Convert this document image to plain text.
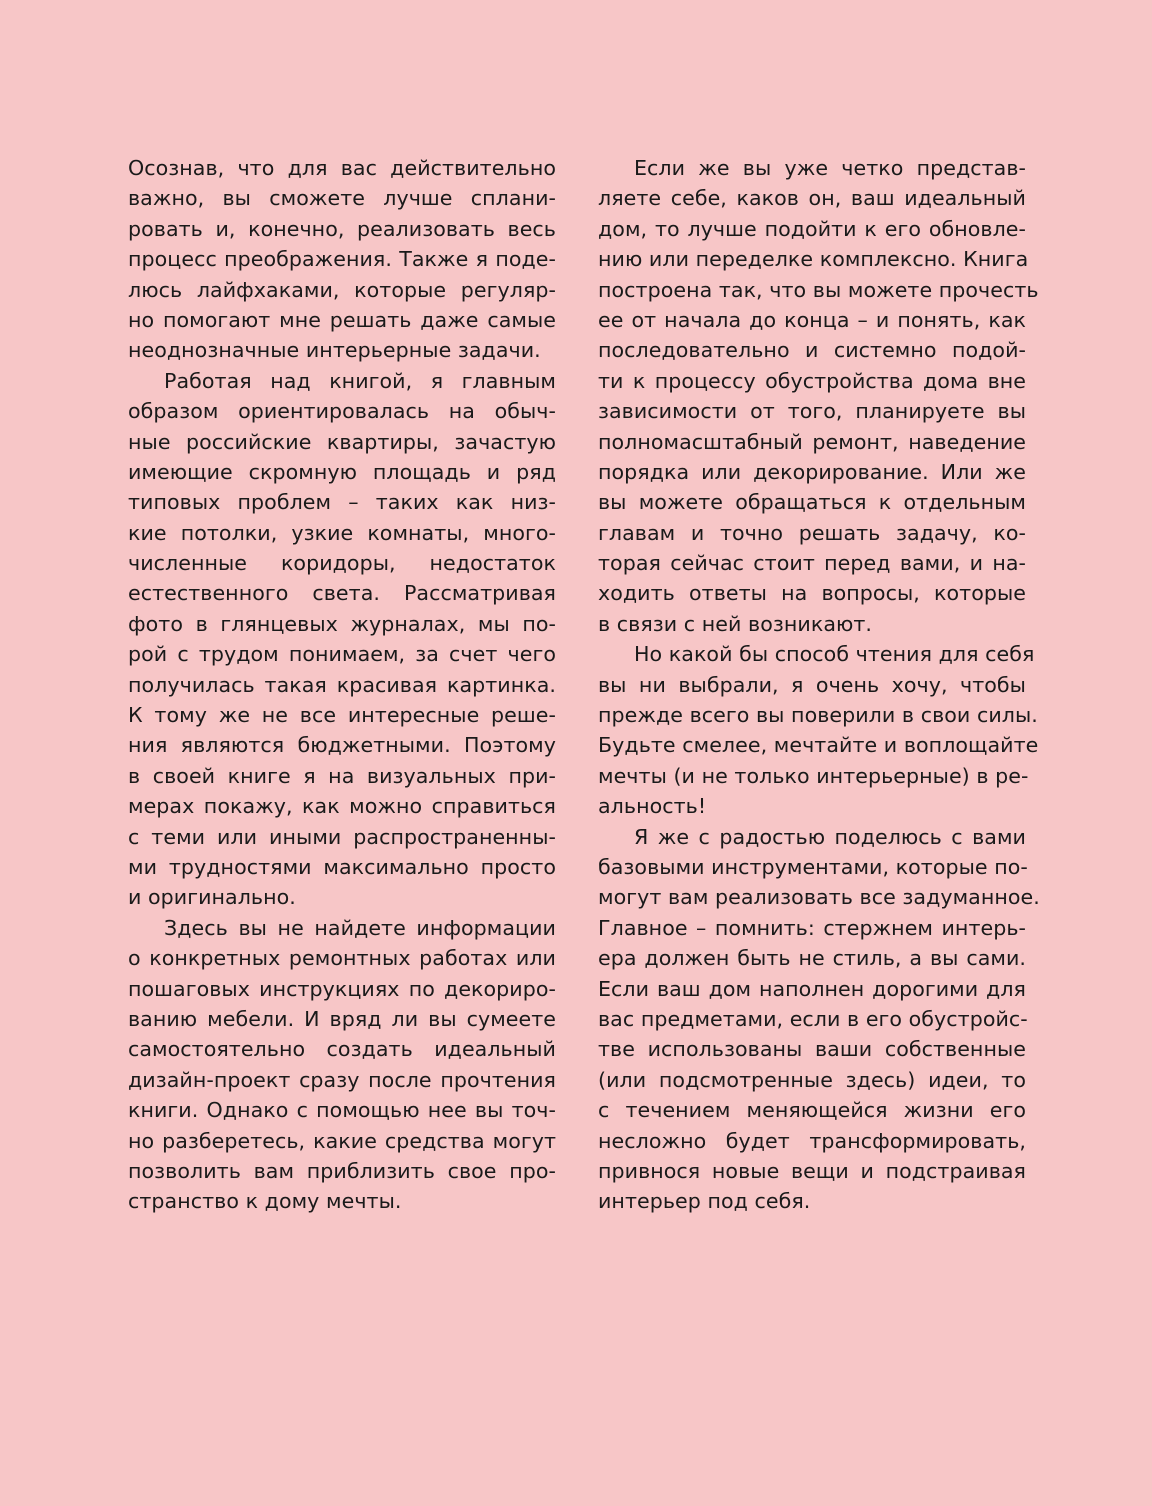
Осознав, что для вас действительно
важно, вы сможете лучше сплани-
ровать и, конечно, реализовать весь
процесс преображения. Также я поде-
люсь лайфхаками, которые регуляр-
но помогают мне решать даже самые
неоднозначные интерьерные задачи.
Работая над книгой, я главным
образом ориентировалась на обыч-
ные российские квартиры, зачастую
имеющие скромную площадь и ряд
типовых проблем – таких как низ-
кие потолки, узкие комнаты, много-
численные коридоры, недостаток
естественного света. Рассматривая
фото в глянцевых журналах, мы по-
рой с трудом понимаем, за счет чего
получилась такая красивая картинка.
К тому же не все интересные реше-
ния являются бюджетными. Поэтому
в своей книге я на визуальных при-
мерах покажу, как можно справиться
с теми или иными распространенны-
ми трудностями максимально просто
и оригинально.
Здесь вы не найдете информации
о конкретных ремонтных работах или
пошаговых инструкциях по декориро-
ванию мебели. И вряд ли вы сумеете
самостоятельно создать идеальный
дизайн-проект сразу после прочтения
книги. Однако с помощью нее вы точ-
но разберетесь, какие средства могут
позволить вам приблизить свое про-
странство к дому мечты.
Если же вы уже четко представ-
ляете себе, каков он, ваш идеальный
дом, то лучше подойти к его обновле-
нию или переделке комплексно. Книга
построена так, что вы можете прочесть
ее от начала до конца – и понять, как
последовательно и системно подой-
ти к процессу обустройства дома вне
зависимости от того, планируете вы
полномасштабный ремонт, наведение
порядка или декорирование. Или же
вы можете обращаться к отдельным
главам и точно решать задачу, ко-
торая сейчас стоит перед вами, и на-
ходить ответы на вопросы, которые
в связи с ней возникают.
Но какой бы способ чтения для себя
вы ни выбрали, я очень хочу, чтобы
прежде всего вы поверили в свои силы.
Будьте смелее, мечтайте и воплощайте
мечты (и не только интерьерные) в ре-
альность!
Я же с радостью поделюсь с вами
базовыми инструментами, которые по-
могут вам реализовать все задуманное.
Главное – помнить: стержнем интерь-
ера должен быть не стиль, а вы сами.
Если ваш дом наполнен дорогими для
вас предметами, если в его обустройс-
тве использованы ваши собственные
(или подсмотренные здесь) идеи, то
с течением меняющейся жизни его
несложно будет трансформировать,
привнося новые вещи и подстраивая
интерьер под себя.
